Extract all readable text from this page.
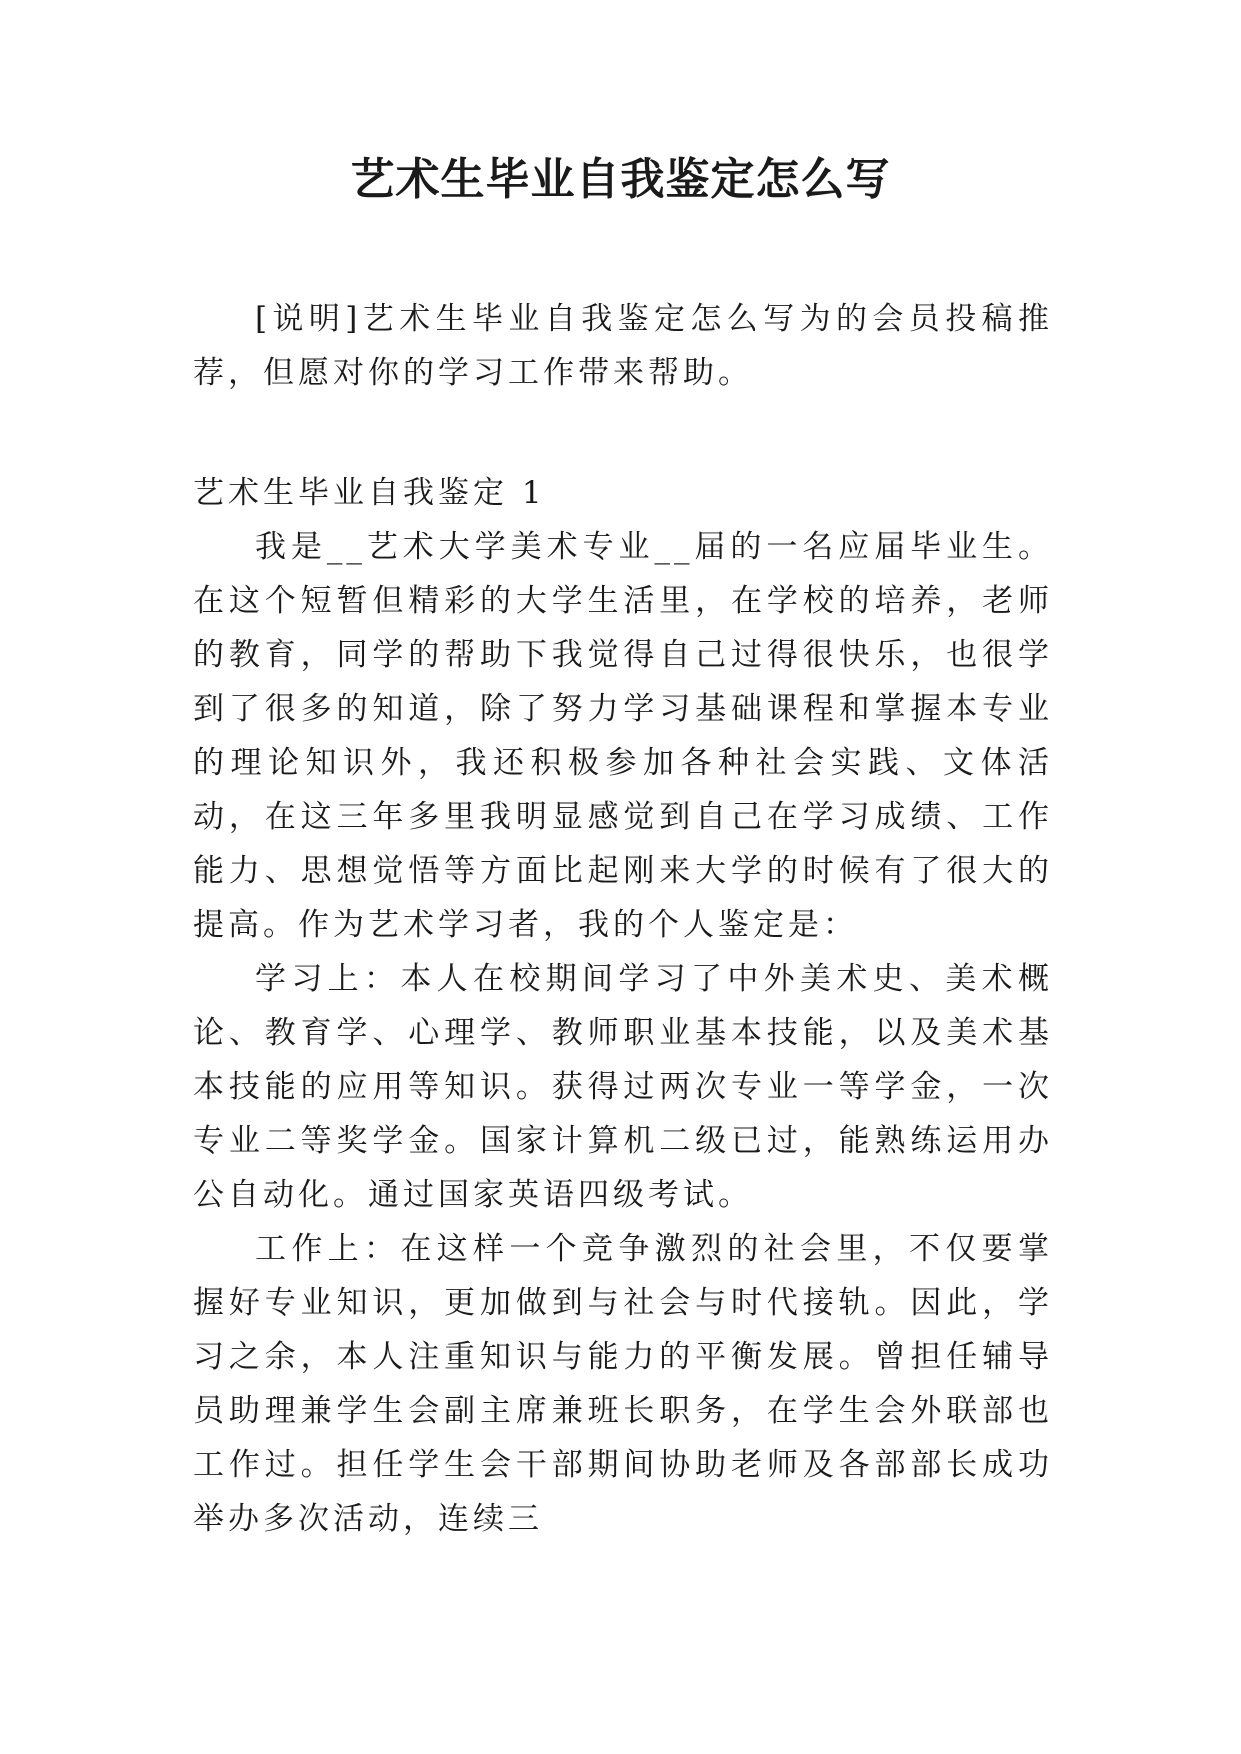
艺术生毕业自我鉴定怎么写

[说明]艺术生毕业自我鉴定怎么写为的会员投稿推荐，但愿对你的学习工作带来帮助。

艺术生毕业自我鉴定 1

我是__艺术大学美术专业__届的一名应届毕业生。在这个短暂但精彩的大学生活里，在学校的培养，老师的教育，同学的帮助下我觉得自己过得很快乐，也很学到了很多的知道，除了努力学习基础课程和掌握本专业的理论知识外，我还积极参加各种社会实践、文体活动，在这三年多里我明显感觉到自己在学习成绩、工作能力、思想觉悟等方面比起刚来大学的时候有了很大的提高。作为艺术学习者，我的个人鉴定是：

学习上：本人在校期间学习了中外美术史、美术概论、教育学、心理学、教师职业基本技能，以及美术基本技能的应用等知识。获得过两次专业一等学金，一次专业二等奖学金。国家计算机二级已过，能熟练运用办公自动化。通过国家英语四级考试。

工作上：在这样一个竞争激烈的社会里，不仅要掌握好专业知识，更加做到与社会与时代接轨。因此，学习之余，本人注重知识与能力的平衡发展。曾担任辅导员助理兼学生会副主席兼班长职务，在学生会外联部也工作过。担任学生会干部期间协助老师及各部部长成功举办多次活动，连续三
